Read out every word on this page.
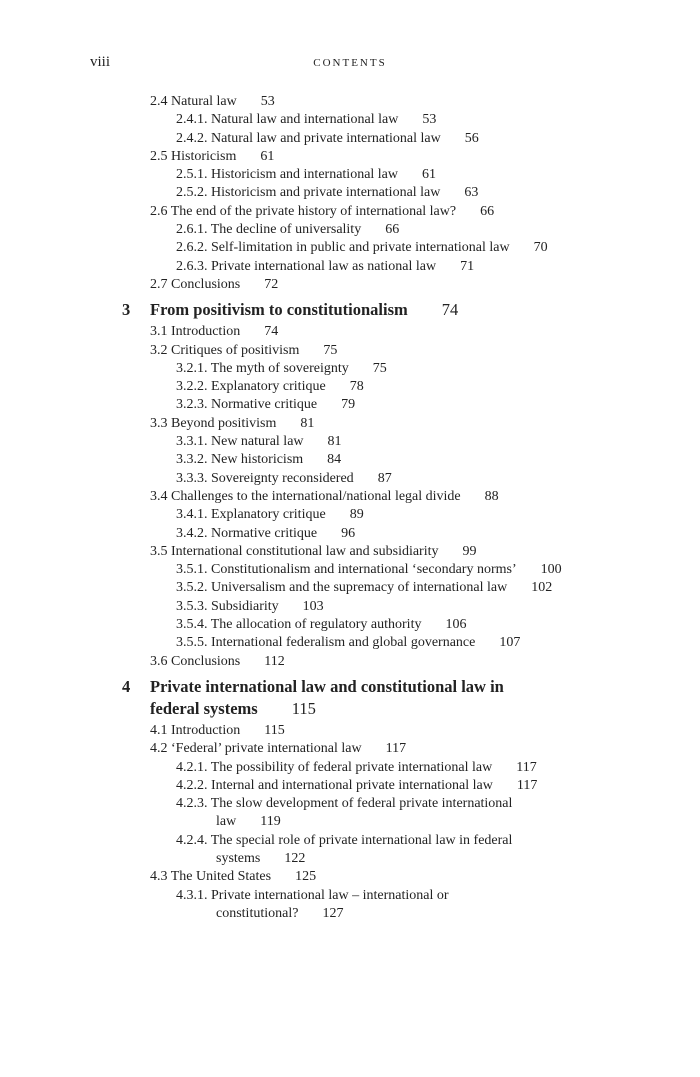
viii	CONTENTS
2.4 Natural law 53
2.4.1. Natural law and international law 53
2.4.2. Natural law and private international law 56
2.5 Historicism 61
2.5.1. Historicism and international law 61
2.5.2. Historicism and private international law 63
2.6 The end of the private history of international law? 66
2.6.1. The decline of universality 66
2.6.2. Self-limitation in public and private international law 70
2.6.3. Private international law as national law 71
2.7 Conclusions 72
3 From positivism to constitutionalism 74
3.1 Introduction 74
3.2 Critiques of positivism 75
3.2.1. The myth of sovereignty 75
3.2.2. Explanatory critique 78
3.2.3. Normative critique 79
3.3 Beyond positivism 81
3.3.1. New natural law 81
3.3.2. New historicism 84
3.3.3. Sovereignty reconsidered 87
3.4 Challenges to the international/national legal divide 88
3.4.1. Explanatory critique 89
3.4.2. Normative critique 96
3.5 International constitutional law and subsidiarity 99
3.5.1. Constitutionalism and international ‘secondary norms’ 100
3.5.2. Universalism and the supremacy of international law 102
3.5.3. Subsidiarity 103
3.5.4. The allocation of regulatory authority 106
3.5.5. International federalism and global governance 107
3.6 Conclusions 112
4 Private international law and constitutional law in
federal systems 115
4.1 Introduction 115
4.2 ‘Federal’ private international law 117
4.2.1. The possibility of federal private international law 117
4.2.2. Internal and international private international law 117
4.2.3. The slow development of federal private international
law 119
4.2.4. The special role of private international law in federal
systems 122
4.3 The United States 125
4.3.1. Private international law – international or
constitutional? 127
